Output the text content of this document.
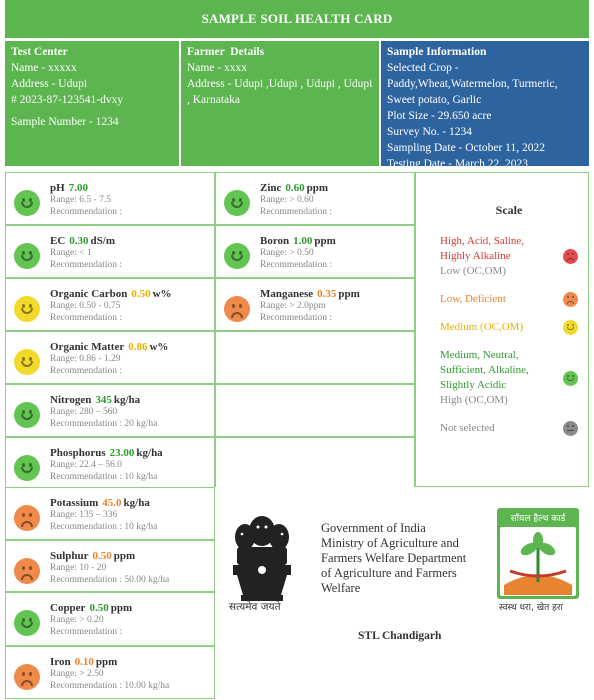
SAMPLE SOIL HEALTH CARD
Test Center
Name - xxxxx
Address - Udupi
# 2023-87-123541-dvxy
Sample Number - 1234
Farmer  Details
Name - xxxx
Address - Udupi ,Udupi , Udupi , Udupi , Karnataka
Sample Information
Selected Crop - Paddy,Wheat,Watermelon, Turmeric, Sweet potato, Garlic
Plot Size - 29.650 acre
Survey No. - 1234
Sampling Date - October 11, 2022
Testing Date - March 22, 2023
pH 7.00
Range: 6.5 - 7.5
Recommendation :
EC 0.30 dS/m
Range: < 1
Recommendation :
Organic Carbon 0.50 w%
Range: 0.50 - 0.75
Recommendation :
Organic Matter 0.86 w%
Range: 0.86 - 1.29
Recommendation :
Nitrogen 345 kg/ha
Range: 280 – 560
Recommendation : 20 kg/ha
Phosphorus 23.00 kg/ha
Range: 22.4 – 56.0
Recommendation : 10 kg/ha
Potassium 45.0 kg/ha
Range: 135 – 336
Recommendation : 10 kg/ha
Sulphur 0.50 ppm
Range: 10 - 20
Recommendation : 50.00 kg/ha
Copper 0.50 ppm
Range: > 0.20
Recommendation :
Iron 0.10 ppm
Range: > 2.50
Recommendation : 10.00 kg/ha
Zinc 0.60 ppm
Range: > 0.60
Recommendation :
Boron 1.00 ppm
Range: > 0.50
Recommendation :
Manganese 0.35 ppm
Range: > 2.0ppm
Recommendation :
Scale
High, Acid, Saline, Highly Alkaline
Low (OC,OM)
Low, Deficient
Medium (OC,OM)
Medium, Neutral, Sufficient, Alkaline, Slightly Acidic
High (OC,OM)
Not selected
सत्यमेव जयते
Government of India
Ministry of Agriculture and Farmers Welfare Department of Agriculture and Farmers Welfare
STL Chandigarh
सॉयल हैल्थ कार्ड
स्वस्थ धरा, खेत हरा
